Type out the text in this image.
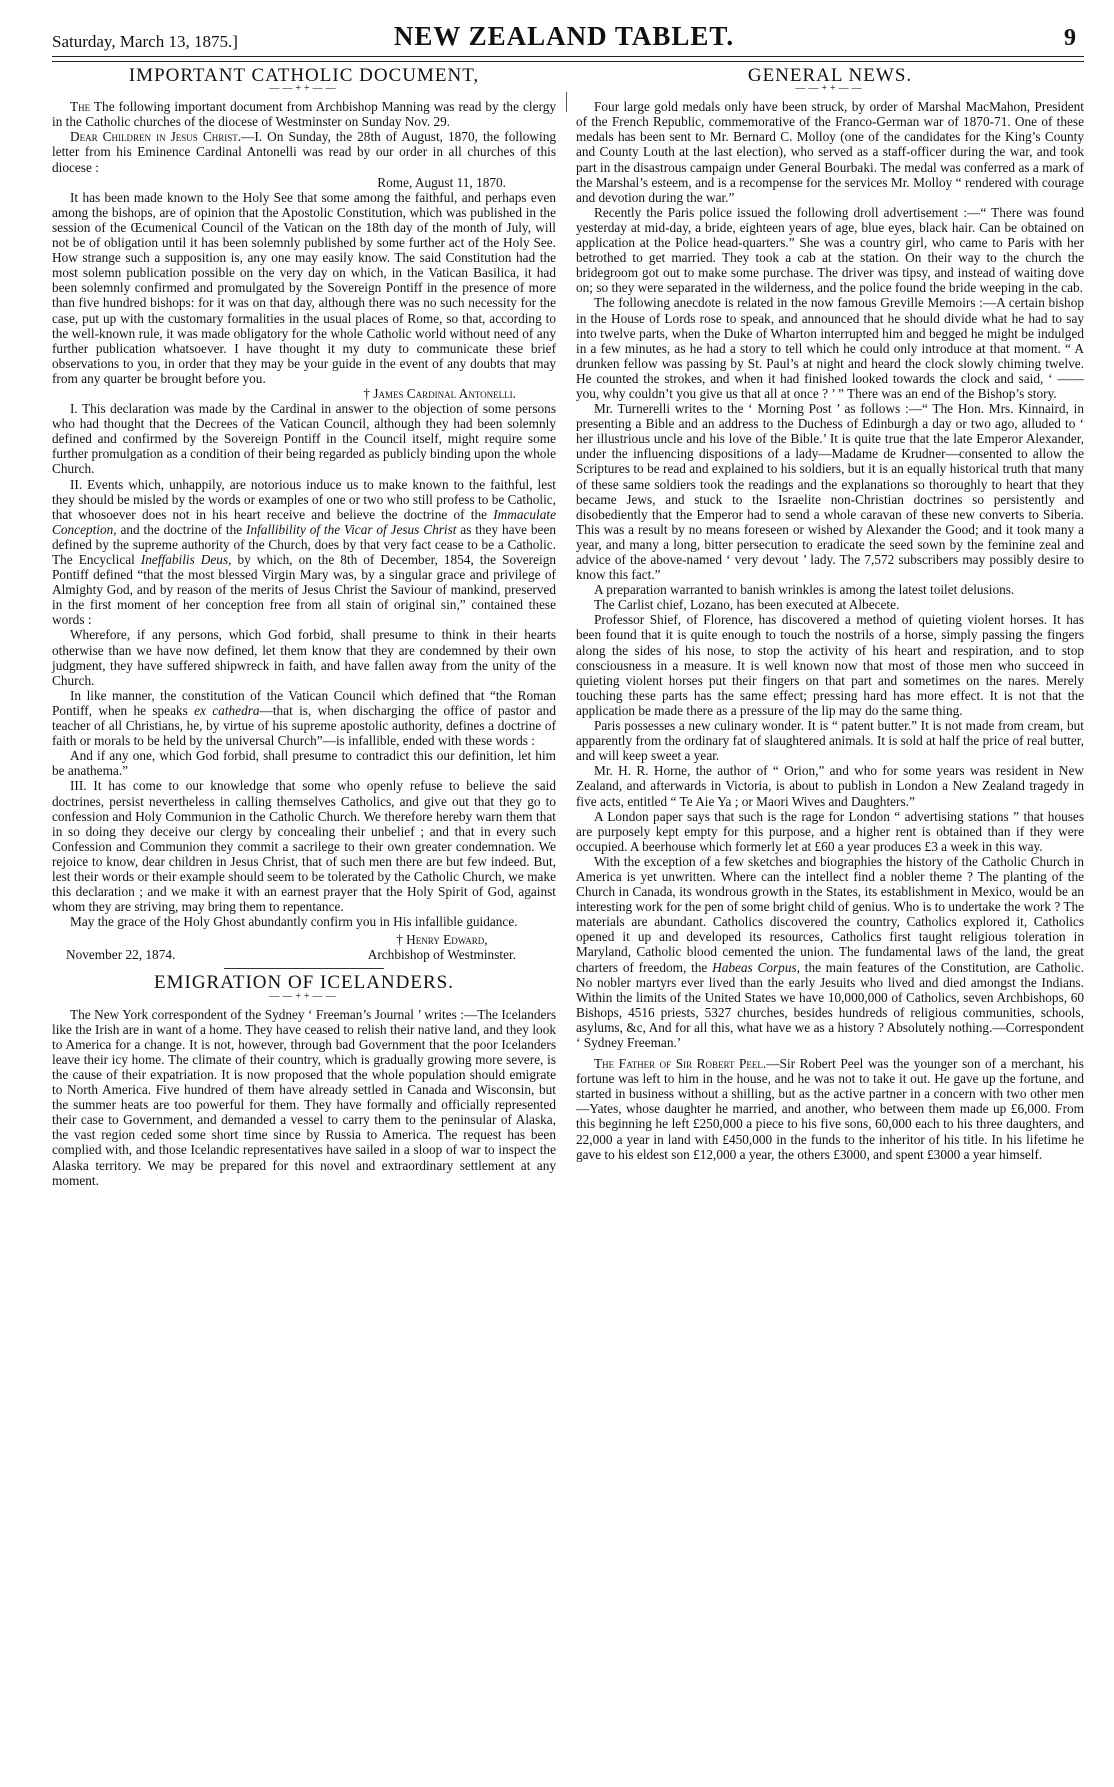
Saturday, March 13, 1875.]	NEW ZEALAND TABLET.	9
IMPORTANT CATHOLIC DOCUMENT,
——++——

The The following important document from Archbishop Manning was read by the clergy in the Catholic churches of the diocese of Westminster on Sunday Nov. 29.

Dear Children in Jesus Christ.—I. On Sunday, the 28th of August, 1870, the following letter from his Eminence Cardinal Antonelli was read by our order in all churches of this diocese :

Rome, August 11, 1870.

It has been made known to the Holy See that some among the faithful, and perhaps even among the bishops, are of opinion that the Apostolic Constitution, which was published in the session of the Œcumenical Council of the Vatican on the 18th day of the month of July, will not be of obligation until it has been solemnly published by some further act of the Holy See. How strange such a supposition is, any one may easily know. The said Constitution had the most solemn publication possible on the very day on which, in the Vatican Basilica, it had been solemnly confirmed and promulgated by the Sovereign Pontiff in the presence of more than five hundred bishops: for it was on that day, although there was no such necessity for the case, put up with the customary formalities in the usual places of Rome, so that, according to the well-known rule, it was made obligatory for the whole Catholic world without need of any further publication whatsoever. I have thought it my duty to communicate these brief observations to you, in order that they may be your guide in the event of any doubts that may from any quarter be brought before you.

† James Cardinal Antonelli.

I. This declaration was made by the Cardinal in answer to the objection of some persons who had thought that the Decrees of the Vatican Council, although they had been solemnly defined and confirmed by the Sovereign Pontiff in the Council itself, might require some further promulgation as a condition of their being regarded as publicly binding upon the whole Church.

II. Events which, unhappily, are notorious induce us to make known to the faithful, lest they should be misled by the words or examples of one or two who still profess to be Catholic, that whosoever does not in his heart receive and believe the doctrine of the Immaculate Conception, and the doctrine of the Infallibility of the Vicar of Jesus Christ as they have been defined by the supreme authority of the Church, does by that very fact cease to be a Catholic. The Encyclical Ineffabilis Deus, by which, on the 8th of December, 1854, the Sovereign Pontiff defined “that the most blessed Virgin Mary was, by a singular grace and privilege of Almighty God, and by reason of the merits of Jesus Christ the Saviour of mankind, preserved in the first moment of her conception free from all stain of original sin,” contained these words :

Wherefore, if any persons, which God forbid, shall presume to think in their hearts otherwise than we have now defined, let them know that they are condemned by their own judgment, they have suffered shipwreck in faith, and have fallen away from the unity of the Church.

In like manner, the constitution of the Vatican Council which defined that “the Roman Pontiff, when he speaks ex cathedra—that is, when discharging the office of pastor and teacher of all Christians, he, by virtue of his supreme apostolic authority, defines a doctrine of faith or morals to be held by the universal Church”—is infallible, ended with these words :

And if any one, which God forbid, shall presume to contradict this our definition, let him be anathema.”

III. It has come to our knowledge that some who openly refuse to believe the said doctrines, persist nevertheless in calling themselves Catholics, and give out that they go to confession and Holy Communion in the Catholic Church. We therefore hereby warn them that in so doing they deceive our clergy by concealing their unbelief ; and that in every such Confession and Communion they commit a sacrilege to their own greater condemnation. We rejoice to know, dear children in Jesus Christ, that of such men there are but few indeed. But, lest their words or their example should seem to be tolerated by the Catholic Church, we make this declaration ; and we make it with an earnest prayer that the Holy Spirit of God, against whom they are striving, may bring them to repentance.

May the grace of the Holy Ghost abundantly confirm you in His infallible guidance.

November 22, 1874.
† Henry Edward,
Archbishop of Westminster.
EMIGRATION OF ICELANDERS.
——++——

The New York correspondent of the Sydney ‘ Freeman’s Journal ’ writes :—The Icelanders like the Irish are in want of a home. They have ceased to relish their native land, and they look to America for a change. It is not, however, through bad Government that the poor Icelanders leave their icy home. The climate of their country, which is gradually growing more severe, is the cause of their expatriation. It is now proposed that the whole population should emigrate to North America. Five hundred of them have already settled in Canada and Wisconsin, but the summer heats are too powerful for them. They have formally and officially represented their case to Government, and demanded a vessel to carry them to the peninsular of Alaska, the vast region ceded some short time since by Russia to America. The request has been complied with, and those Icelandic representatives have sailed in a sloop of war to inspect the Alaska territory. We may be prepared for this novel and extraordinary settlement at any moment.

GENERAL NEWS.
——++——

Four large gold medals only have been struck, by order of Marshal MacMahon, President of the French Republic, commemorative of the Franco-German war of 1870-71. One of these medals has been sent to Mr. Bernard C. Molloy (one of the candidates for the King’s County and County Louth at the last election), who served as a staff-officer during the war, and took part in the disastrous campaign under General Bourbaki. The medal was conferred as a mark of the Marshal’s esteem, and is a recompense for the services Mr. Molloy “ rendered with courage and devotion during the war.”

Recently the Paris police issued the following droll advertisement :—“ There was found yesterday at mid-day, a bride, eighteen years of age, blue eyes, black hair. Can be obtained on application at the Police head-quarters.” She was a country girl, who came to Paris with her betrothed to get married. They took a cab at the station. On their way to the church the bridegroom got out to make some purchase. The driver was tipsy, and instead of waiting dove on; so they were separated in the wilderness, and the police found the bride weeping in the cab.

The following anecdote is related in the now famous Greville Memoirs :—A certain bishop in the House of Lords rose to speak, and announced that he should divide what he had to say into twelve parts, when the Duke of Wharton interrupted him and begged he might be indulged in a few minutes, as he had a story to tell which he could only introduce at that moment. “ A drunken fellow was passing by St. Paul’s at night and heard the clock slowly chiming twelve. He counted the strokes, and when it had finished looked towards the clock and said, ‘ —— you, why couldn’t you give us that all at once ? ’ ” There was an end of the Bishop’s story.

Mr. Turnerelli writes to the ‘ Morning Post ’ as follows :—“ The Hon. Mrs. Kinnaird, in presenting a Bible and an address to the Duchess of Edinburgh a day or two ago, alluded to ‘ her illustrious uncle and his love of the Bible.’ It is quite true that the late Emperor Alexander, under the influencing dispositions of a lady—Madame de Krudner—consented to allow the Scriptures to be read and explained to his soldiers, but it is an equally historical truth that many of these same soldiers took the readings and the explanations so thoroughly to heart that they became Jews, and stuck to the Israelite non-Christian doctrines so persistently and disobediently that the Emperor had to send a whole caravan of these new converts to Siberia. This was a result by no means foreseen or wished by Alexander the Good; and it took many a year, and many a long, bitter persecution to eradicate the seed sown by the feminine zeal and advice of the above-named ‘ very devout ’ lady. The 7,572 subscribers may possibly desire to know this fact.”

A preparation warranted to banish wrinkles is among the latest toilet delusions.

The Carlist chief, Lozano, has been executed at Albecete.

Professor Shief, of Florence, has discovered a method of quieting violent horses. It has been found that it is quite enough to touch the nostrils of a horse, simply passing the fingers along the sides of his nose, to stop the activity of his heart and respiration, and to stop consciousness in a measure. It is well known now that most of those men who succeed in quieting violent horses put their fingers on that part and sometimes on the nares. Merely touching these parts has the same effect; pressing hard has more effect. It is not that the application be made there as a pressure of the lip may do the same thing.

Paris possesses a new culinary wonder. It is “ patent butter.” It is not made from cream, but apparently from the ordinary fat of slaughtered animals. It is sold at half the price of real butter, and will keep sweet a year.

Mr. H. R. Horne, the author of “ Orion,” and who for some years was resident in New Zealand, and afterwards in Victoria, is about to publish in London a New Zealand tragedy in five acts, entitled “ Te Aie Ya ; or Maori Wives and Daughters.”

A London paper says that such is the rage for London “ advertising stations ” that houses are purposely kept empty for this purpose, and a higher rent is obtained than if they were occupied. A beerhouse which formerly let at £60 a year produces £3 a week in this way.

With the exception of a few sketches and biographies the history of the Catholic Church in America is yet unwritten. Where can the intellect find a nobler theme ? The planting of the Church in Canada, its wondrous growth in the States, its establishment in Mexico, would be an interesting work for the pen of some bright child of genius. Who is to undertake the work ? The materials are abundant. Catholics discovered the country, Catholics explored it, Catholics opened it up and developed its resources, Catholics first taught religious toleration in Maryland, Catholic blood cemented the union. The fundamental laws of the land, the great charters of freedom, the Habeas Corpus, the main features of the Constitution, are Catholic. No nobler martyrs ever lived than the early Jesuits who lived and died amongst the Indians. Within the limits of the United States we have 10,000,000 of Catholics, seven Archbishops, 60 Bishops, 4516 priests, 5327 churches, besides hundreds of religious communities, schools, asylums, &c, And for all this, what have we as a history ? Absolutely nothing.—Correspondent ‘ Sydney Freeman.’

The Father of Sir Robert Peel.—Sir Robert Peel was the younger son of a merchant, his fortune was left to him in the house, and he was not to take it out. He gave up the fortune, and started in business without a shilling, but as the active partner in a concern with two other men—Yates, whose daughter he married, and another, who between them made up £6,000. From this beginning he left £250,000 a piece to his five sons, 60,000 each to his three daughters, and 22,000 a year in land with £450,000 in the funds to the inheritor of his title. In his lifetime he gave to his eldest son £12,000 a year, the others £3000, and spent £3000 a year himself.
